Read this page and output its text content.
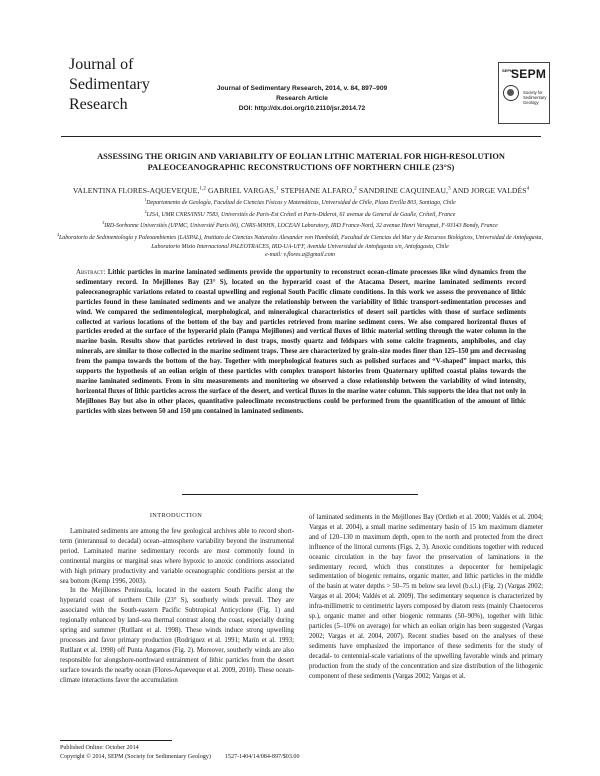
Journal of
Sedimentary
Research
Journal of Sedimentary Research, 2014, v. 84, 897–909
Research Article
DOI: http://dx.doi.org/10.2110/jsr.2014.72
SEPM
SEPM
Society for Sedimentary Geology
ASSESSING THE ORIGIN AND VARIABILITY OF EOLIAN LITHIC MATERIAL FOR HIGH-RESOLUTION
PALEOCEANOGRAPHIC RECONSTRUCTIONS OFF NORTHERN CHILE (23°S)
VALENTINA FLORES-AQUEVEQUE,$^{1,2}$ GABRIEL VARGAS,$^1$ STEPHANE ALFARO,$^2$ SANDRINE CAQUINEAU,$^3$ AND JORGE VALDÉS$^4$
$^1$Departamento de Geología, Facultad de Ciencias Físicas y Matemáticas, Universidad de Chile, Plaza Ercilla 803, Santiago, Chile
$^2$LISA, UMR CNRS/INSU 7583, Universités de Paris-Est Créteil et Paris-Diderot, 61 avenue du General de Gaulle, Créteil, France
$^3$IRD-Sorbonne Universités (UPMC, Université Paris 06), CNRS-MNHN, LOCEAN Laboratory, IRD France-Nord, 32 avenue Henri Varagnat, F-93143 Bondy, France
$^4$Laboratorio de Sedimentología y Paleoambientes (LASPAL), Instituto de Ciencias Naturales Alexander von Humboldt, Facultad de Ciencias del Mar y de Recursos Biológicos, Universidad de Antofagasta, Laboratorio Mixto Internacional PALEOTRACES, IRD-UA-UFF, Avenida Universidad de Antofagasta s/n, Antofagasta, Chile
e-mail: v.flores.a@gmail.com
Abstract: Lithic particles in marine laminated sediments provide the opportunity to reconstruct ocean-climate processes like wind dynamics from the sedimentary record. In Mejillones Bay (23° S), located on the hyperarid coast of the Atacama Desert, marine laminated sediments record paleoceanographic variations related to coastal upwelling and regional South Pacific climate conditions. In this work we assess the provenance of lithic particles found in these laminated sediments and we analyze the relationship between the variability of lithic transport-sedimentation processes and wind. We compared the sedimentological, morphological, and mineralogical characteristics of desert soil particles with those of surface sediments collected at various locations of the bottom of the bay and particles retrieved from marine sediment cores. We also compared horizontal fluxes of particles eroded at the surface of the hyperarid plain (Pampa Mejillones) and vertical fluxes of lithic material settling through the water column in the marine basin. Results show that particles retrieved in dust traps, mostly quartz and feldspars with some calcite fragments, amphiboles, and clay minerals, are similar to those collected in the marine sediment traps. These are characterized by grain-size modes finer than 125–150 μm and decreasing from the pampa towards the bottom of the bay. Together with morphological features such as polished surfaces and “V-shaped” impact marks, this supports the hypothesis of an eolian origin of these particles with complex transport histories from Quaternary uplifted coastal plains towards the marine laminated sediments. From in situ measurements and monitoring we observed a close relationship between the variability of wind intensity, horizontal fluxes of lithic particles across the surface of the desert, and vertical fluxes in the marine water column. This supports the idea that not only in Mejillones Bay but also in other places, quantitative paleoclimate reconstructions could be performed from the quantification of the amount of lithic particles with sizes between 50 and 150 μm contained in laminated sediments.
INTRODUCTION

Laminated sediments are among the few geological archives able to record short-term (interannual to decadal) ocean–atmosphere variability beyond the instrumental period. Laminated marine sedimentary records are most commonly found in continental margins or marginal seas where hypoxic to anoxic conditions associated with high primary productivity and variable oceanographic conditions persist at the sea bottom (Kemp 1996, 2003).

In the Mejillones Peninsula, located in the eastern South Pacific along the hyperarid coast of northern Chile (23° S), southerly winds prevail. They are associated with the South-eastern Pacific Subtropical Anticyclone (Fig. 1) and regionally enhanced by land–sea thermal contrast along the coast, especially during spring and summer (Rutllant et al. 1998). These winds induce strong upwelling processes and favor primary production (Rodriguez et al. 1991; Marín et al. 1993; Rutllant et al. 1998) off Punta Angamos (Fig. 2). Moreover, southerly winds are also responsible for alongshore-northward entrainment of lithic particles from the desert surface towards the nearby ocean (Flores-Aqueveque et al. 2009, 2010). These ocean-climate interactions favor the accumulation

of laminated sediments in the Mejillones Bay (Ortlieb et al. 2000; Valdés et al. 2004; Vargas et al. 2004), a small marine sedimentary basin of 15 km maximum diameter and of 120–130 m maximum depth, open to the north and protected from the direct influence of the littoral currents (Figs. 2, 3). Anoxic conditions together with reduced oceanic circulation in the bay favor the preservation of laminations in the sedimentary record, which thus constitutes a depocenter for hemipelagic sedimentation of biogenic remains, organic matter, and lithic particles in the middle of the basin at water depths > 50–75 m below sea level (b.s.l.) (Fig. 2) (Vargas 2002; Vargas et al. 2004; Valdés et al. 2009). The sedimentary sequence is characterized by infra-millimetric to centimetric layers composed by diatom rests (mainly Chaetoceros sp.), organic matter and other biogenic remnants (50–90%), together with lithic particles (5–10% on average) for which an eolian origin has been suggested (Vargas 2002; Vargas et al. 2004, 2007). Recent studies based on the analyses of these sediments have emphasized the importance of these sediments for the study of decadal- to centennial-scale variations of the upwelling favorable winds and primary production from the study of the concentration and size distribution of the lithogenic component of these sediments (Vargas 2002; Vargas et al.

Published Online: October 2014
Copyright © 2014, SEPM (Society for Sedimentary Geology) 1527-1404/14/084-897/$03.00
